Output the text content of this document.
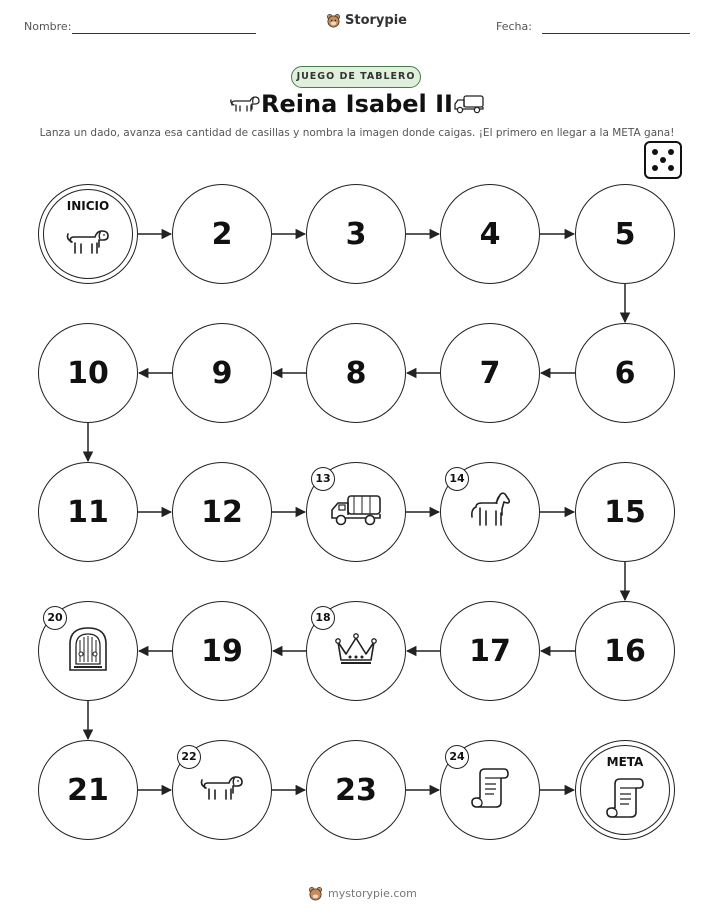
Nombre:	Storypie	Fecha:
JUEGO DE TABLERO
Reina Isabel II
Lanza un dado, avanza esa cantidad de casillas y nombra la imagen donde caigas. ¡El primero en llegar a la META gana!
INICIO
2	3	4	5
6
7
8
9
10
11	12
13	14
15
16
17
18
19
20
21
22
23
24	META
mystorypie.com
